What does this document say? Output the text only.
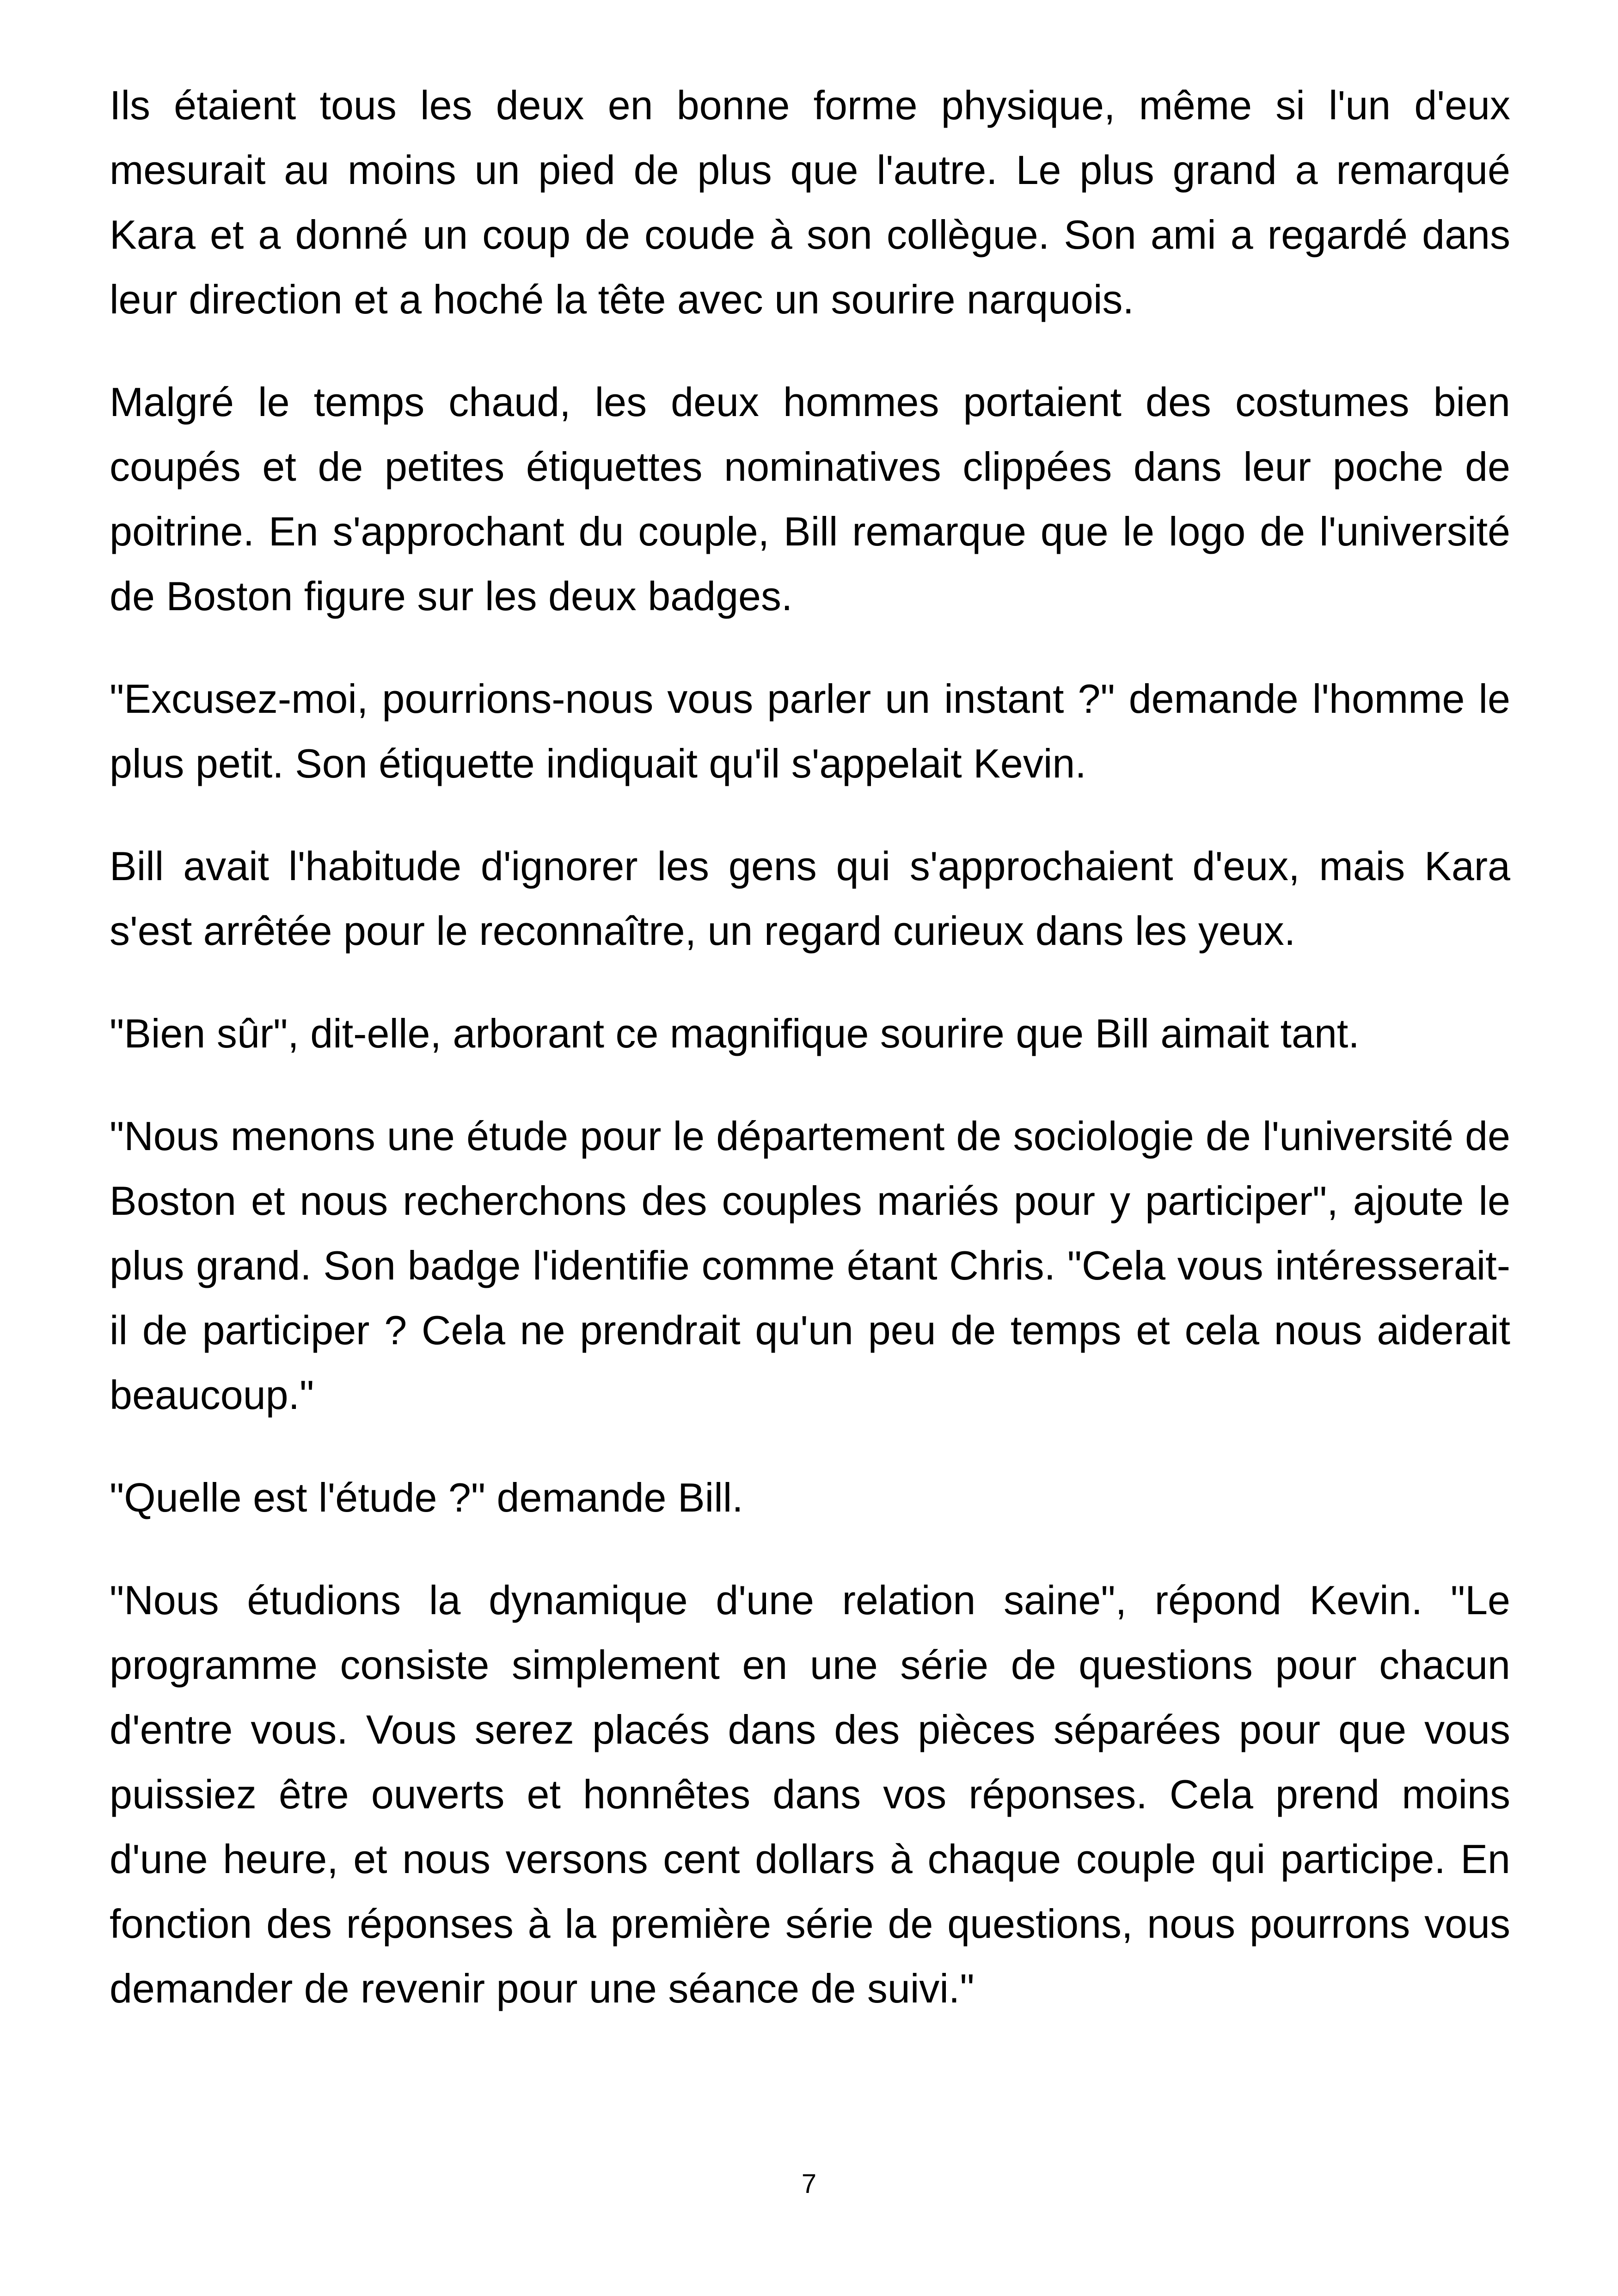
Ils étaient tous les deux en bonne forme physique, même si l'un d'eux mesurait au moins un pied de plus que l'autre. Le plus grand a remarqué Kara et a donné un coup de coude à son collègue. Son ami a regardé dans leur direction et a hoché la tête avec un sourire narquois.

Malgré le temps chaud, les deux hommes portaient des costumes bien coupés et de petites étiquettes nominatives clippées dans leur poche de poitrine. En s'approchant du couple, Bill remarque que le logo de l'université de Boston figure sur les deux badges.

"Excusez-moi, pourrions-nous vous parler un instant ?" demande l'homme le plus petit. Son étiquette indiquait qu'il s'appelait Kevin.

Bill avait l'habitude d'ignorer les gens qui s'approchaient d'eux, mais Kara s'est arrêtée pour le reconnaître, un regard curieux dans les yeux.

"Bien sûr", dit-elle, arborant ce magnifique sourire que Bill aimait tant.

"Nous menons une étude pour le département de sociologie de l'université de Boston et nous recherchons des couples mariés pour y participer", ajoute le plus grand. Son badge l'identifie comme étant Chris. "Cela vous intéresserait-il de participer ? Cela ne prendrait qu'un peu de temps et cela nous aiderait beaucoup."

"Quelle est l'étude ?" demande Bill.

"Nous étudions la dynamique d'une relation saine", répond Kevin. "Le programme consiste simplement en une série de questions pour chacun d'entre vous. Vous serez placés dans des pièces séparées pour que vous puissiez être ouverts et honnêtes dans vos réponses. Cela prend moins d'une heure, et nous versons cent dollars à chaque couple qui participe. En fonction des réponses à la première série de questions, nous pourrons vous demander de revenir pour une séance de suivi."

7
